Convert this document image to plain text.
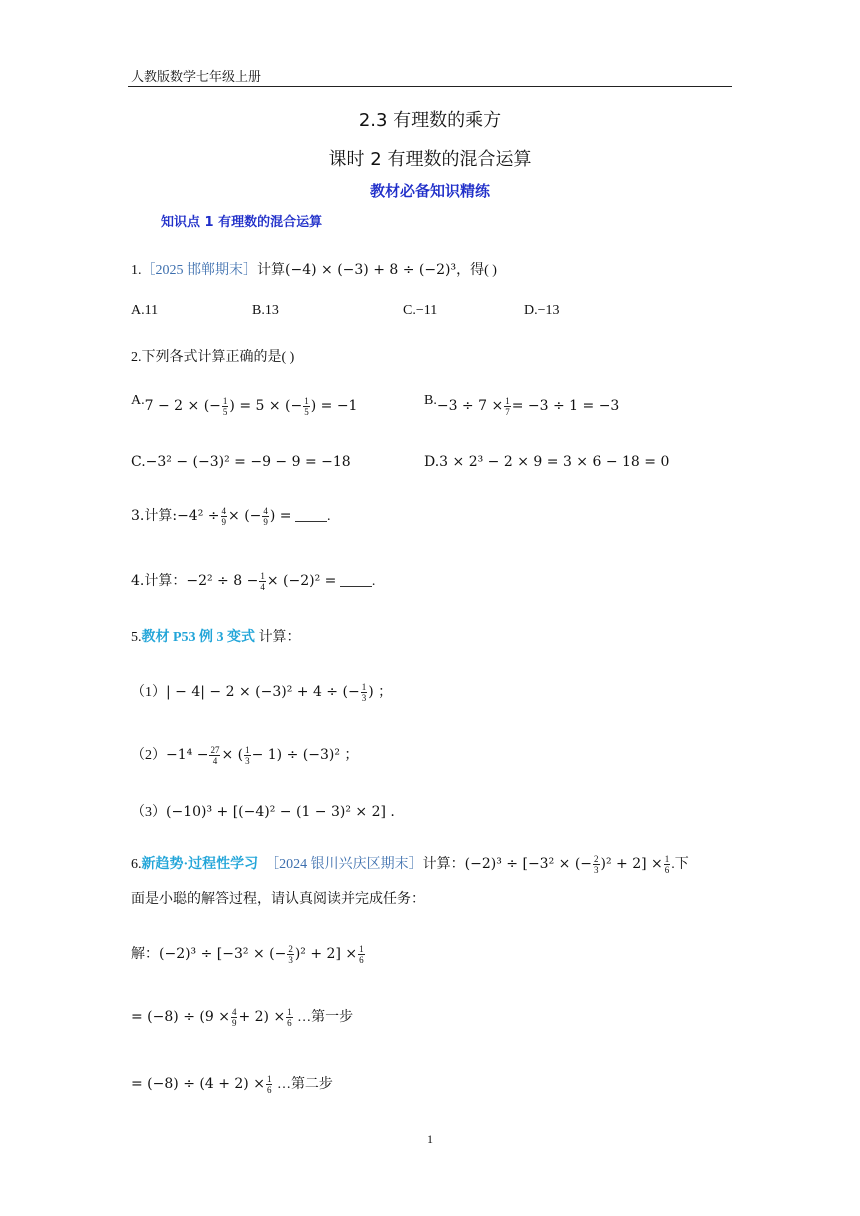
人教版数学七年级上册
2.3 有理数的乘方
课时 2 有理数的混合运算
教材必备知识精练
知识点 1 有理数的混合运算
1.［2025 邯郸期末］计算(−4) × (−3) + 8 ÷ (−2)³，得( )
A.11	B.13	C.−11	D.−13
2.下列各式计算正确的是( )
A.7 − 2 × (− $\frac{1}{5}$ ) = 5 × (− $\frac{1}{5}$ ) = −1	$B.-3 \div 7 \times \frac{1}{7} = -3 \div 1 = -3$
C.−3² − (−3)² = −9 − 9 = −18	D.3 × 2³ − 2 × 9 = 3 × 6 − 18 = 0
3.计算:−4² ÷ $\frac{4}{9}$ × (− $\frac{4}{9}$ ) =	.
4.计算：$-2^2 \div 8 - \frac{1}{4} \times (-2)^2$ =	.
5.教材 P53 例 3 变式 计算：
（1）| − 4| − 2 × (−3)² + 4 ÷ (− $\frac{1}{3}$ ) ；
$(2)-1^4 - \frac{27}{4}$ × ( $\frac{1}{3} - 1) \div (-3)^2$ ；
（3）(−10)³ + [(−4)² − (1 − 3)² × 2] .
6.新趋势·过程性学习 ［2024 银川兴庆区期末］计算：(−2)³ ÷ [−3² × (− $\frac{2}{3} )^2 + 2] \times \frac{1}{6}$ .下
面是小聪的解答过程，请认真阅读并完成任务：
解：(−2)³ ÷ [−3² × (− $\frac{2}{3} )^2 + 2] \times \frac{1}{6}$
= $(-8) \div (9 \times \frac{4}{9} + 2) \times \frac{1}{6}$ …第一步
= $(-8) \div (4 + 2) \times \frac{1}{6}$ …第二步
1
